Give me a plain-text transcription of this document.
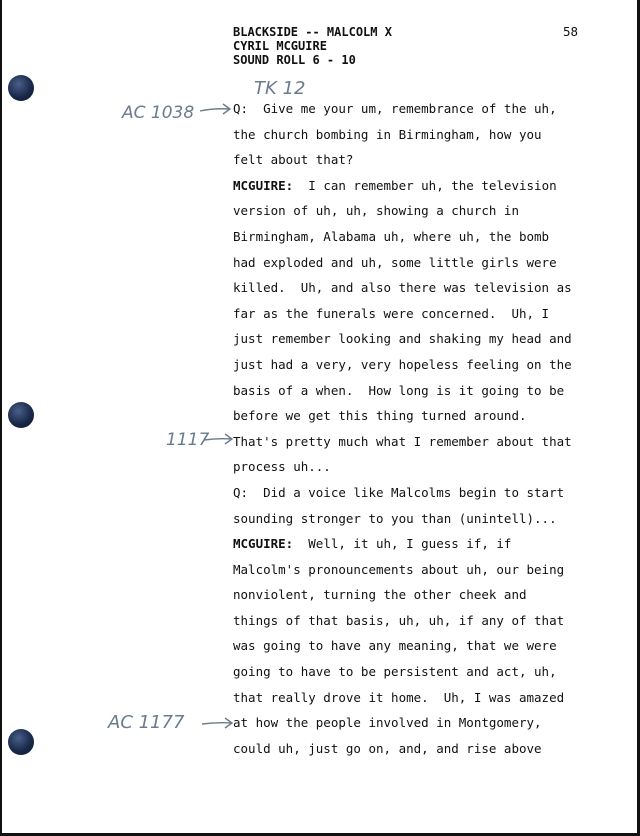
BLACKSIDE -- MALCOLM X
CYRIL MCGUIRE
SOUND ROLL 6 - 10
58
TK 12
AC 1038
1117
AC 1177
Q:  Give me your um, remembrance of the uh,
the church bombing in Birmingham, how you
felt about that?
MCGUIRE:  I can remember uh, the television
version of uh, uh, showing a church in
Birmingham, Alabama uh, where uh, the bomb
had exploded and uh, some little girls were
killed.  Uh, and also there was television as
far as the funerals were concerned.  Uh, I
just remember looking and shaking my head and
just had a very, very hopeless feeling on the
basis of a when.  How long is it going to be
before we get this thing turned around.
That's pretty much what I remember about that
process uh...
Q:  Did a voice like Malcolms begin to start
sounding stronger to you than (unintell)...
MCGUIRE:  Well, it uh, I guess if, if
Malcolm's pronouncements about uh, our being
nonviolent, turning the other cheek and
things of that basis, uh, uh, if any of that
was going to have any meaning, that we were
going to have to be persistent and act, uh,
that really drove it home.  Uh, I was amazed
at how the people involved in Montgomery,
could uh, just go on, and, and rise above
